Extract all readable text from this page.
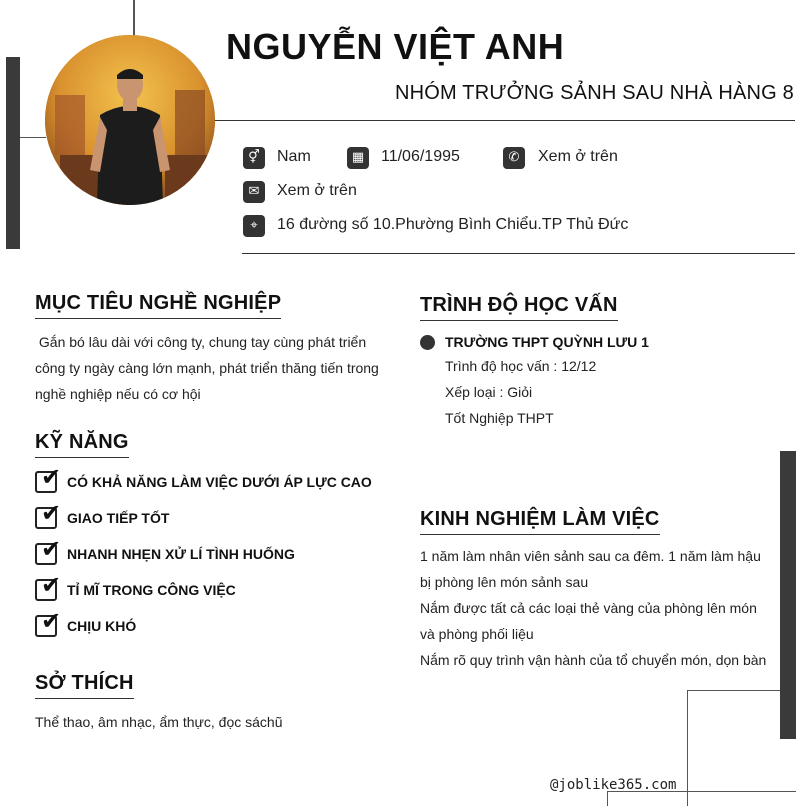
NGUYỄN VIỆT ANH
NHÓM TRƯỞNG SẢNH SAU NHÀ HÀNG 8
⚥	Nam	▦	11/06/1995	✆	Xem ở trên
✉	Xem ở trên
⌖	16 đường số 10.Phường Bình Chiểu.TP Thủ Đức
MỤC TIÊU NGHỀ NGHIỆP
Gắn bó lâu dài với công ty, chung tay cùng phát triển
công ty ngày càng lớn mạnh, phát triển thăng tiến trong
nghề nghiệp nếu có cơ hội
KỸ NĂNG
✔ CÓ KHẢ NĂNG LÀM VIỆC DƯỚI ÁP LỰC CAO
✔ GIAO TIẾP TỐT
✔ NHANH NHẸN XỬ LÍ TÌNH HUỐNG
✔ TỈ MĨ TRONG CÔNG VIỆC
✔ CHỊU KHÓ
SỞ THÍCH
Thể thao, âm nhạc, ẩm thực, đọc sáchũ
TRÌNH ĐỘ HỌC VẤN
TRƯỜNG THPT QUỲNH LƯU 1
Trình độ học vấn : 12/12
Xếp loại : Giỏi
Tốt Nghiệp THPT
KINH NGHIỆM LÀM VIỆC
1 năm làm nhân viên sảnh sau ca đêm. 1 năm làm hậu
bị phòng lên món sảnh sau
Nắm được tất cả các loại thẻ vàng của phòng lên món
và phòng phối liệu
Nắm rõ quy trình vận hành của tổ chuyển món, dọn bàn
@joblike365.com
